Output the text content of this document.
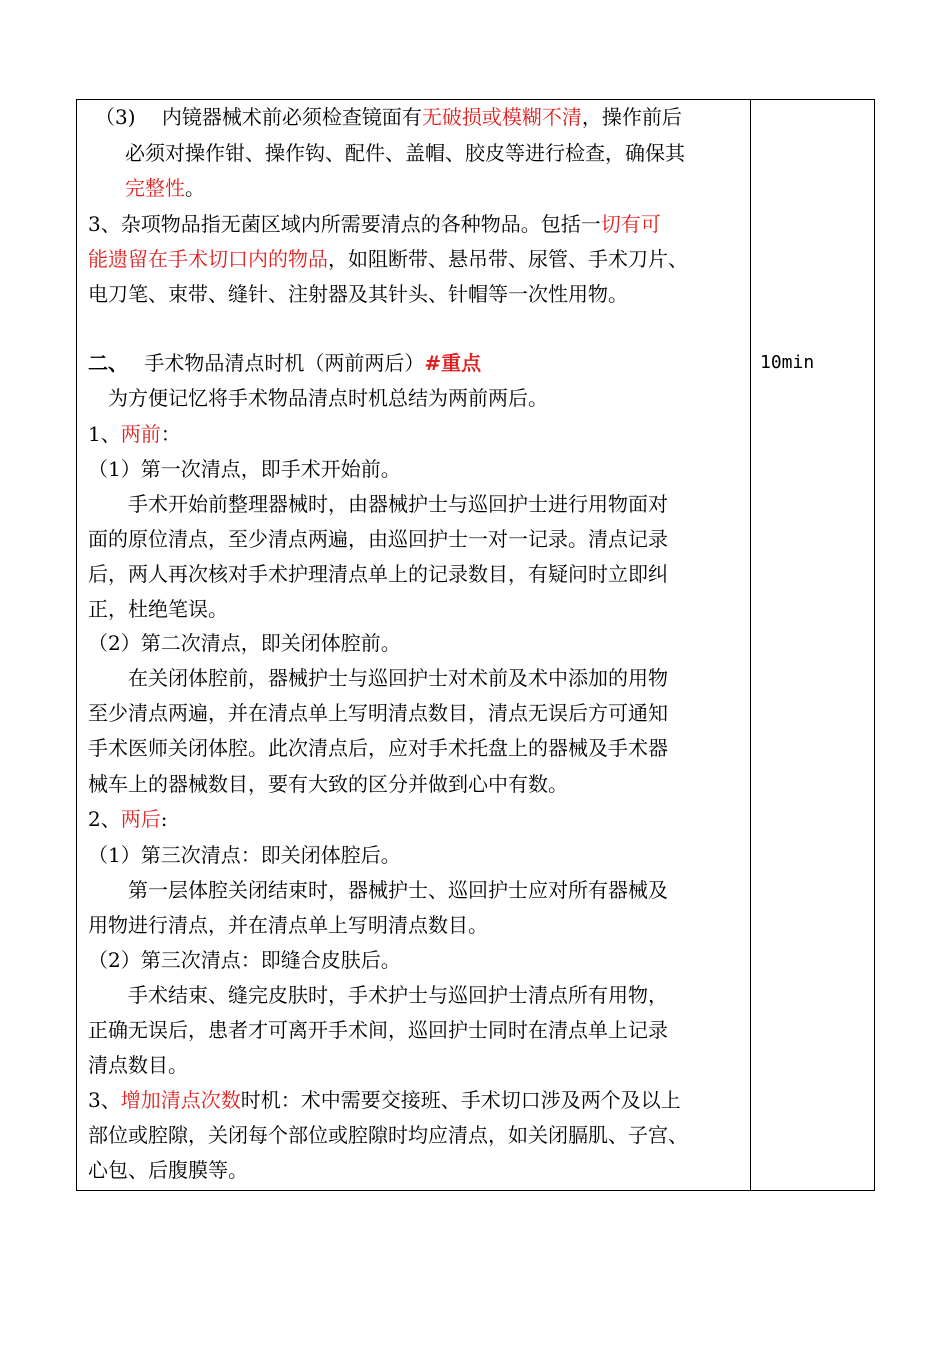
（3)　 内镜器械术前必须检查镜面有无破损或模糊不清，操作前后
必须对操作钳、操作钩、配件、盖帽、胶皮等进行检查，确保其
完整性。
3、杂项物品指无菌区域内所需要清点的各种物品。包括一切有可
能遗留在手术切口内的物品，如阻断带、悬吊带、尿管、手术刀片、
电刀笔、束带、缝针、注射器及其针头、针帽等一次性用物。
二、　 手术物品清点时机（两前两后）#重点
　为方便记忆将手术物品清点时机总结为两前两后。
1、两前：
（1）第一次清点，即手术开始前。
　　手术开始前整理器械时，由器械护士与巡回护士进行用物面对
面的原位清点，至少清点两遍，由巡回护士一对一记录。清点记录
后，两人再次核对手术护理清点单上的记录数目，有疑问时立即纠
正，杜绝笔误。
（2）第二次清点，即关闭体腔前。
　　在关闭体腔前，器械护士与巡回护士对术前及术中添加的用物
至少清点两遍，并在清点单上写明清点数目，清点无误后方可通知
手术医师关闭体腔。此次清点后，应对手术托盘上的器械及手术器
械车上的器械数目，要有大致的区分并做到心中有数。
2、两后:
（1）第三次清点：即关闭体腔后。
　　第一层体腔关闭结束时，器械护士、巡回护士应对所有器械及
用物进行清点，并在清点单上写明清点数目。
（2）第三次清点：即缝合皮肤后。
　　手术结束、缝完皮肤时，手术护士与巡回护士清点所有用物，
正确无误后，患者才可离开手术间，巡回护士同时在清点单上记录
清点数目。
3、增加清点次数时机：术中需要交接班、手术切口涉及两个及以上
部位或腔隙，关闭每个部位或腔隙时均应清点，如关闭膈肌、子宫、
心包、后腹膜等。
10min
